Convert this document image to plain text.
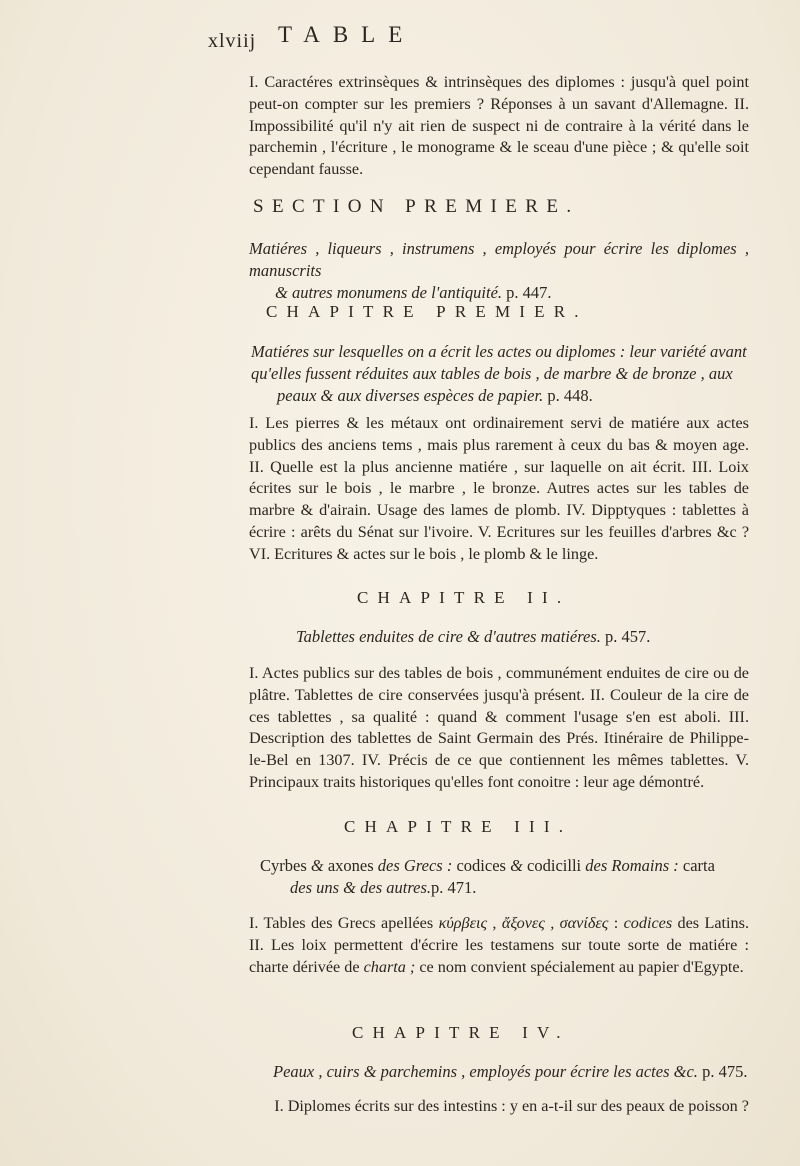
xlviij TABLE

I. Caractéres extrinsèques & intrinsèques des diplomes : jusqu'à quel point peut-on compter sur les premiers ? Réponses à un savant d'Allemagne. II. Impossibilité qu'il n'y ait rien de suspect ni de contraire à la vérité dans le parchemin , l'écriture , le monograme & le sceau d'une pièce ; & qu'elle soit cependant fausse.

SECTION PREMIERE.
Matiéres , liqueurs , instrumens , employés pour écrire les diplomes , manuscrits
& autres monumens de l'antiquité. p. 447.
CHAPITRE PREMIER.
Matiéres sur lesquelles on a écrit les actes ou diplomes : leur variété avant
qu'elles fussent réduites aux tables de bois , de marbre & de bronze , aux
peaux & aux diverses espèces de papier. p. 448.

I. Les pierres & les métaux ont ordinairement servi de matiére aux actes publics des anciens tems , mais plus rarement à ceux du bas & moyen age. II. Quelle est la plus ancienne matiére , sur laquelle on ait écrit. III. Loix écrites sur le bois , le marbre , le bronze. Autres actes sur les tables de marbre & d'airain. Usage des lames de plomb. IV. Dipptyques : tablettes à écrire : arêts du Sénat sur l'ivoire. V. Ecritures sur les feuilles d'arbres &c ? VI. Ecritures & actes sur le bois , le plomb & le linge.

CHAPITRE II.
Tablettes enduites de cire & d'autres matiéres. p. 457.

I. Actes publics sur des tables de bois , communément enduites de cire ou de plâtre. Tablettes de cire conservées jusqu'à présent. II. Couleur de la cire de ces tablettes , sa qualité : quand & comment l'usage s'en est aboli. III. Description des tablettes de Saint Germain des Prés. Itinéraire de Philippe-le-Bel en 1307. IV. Précis de ce que contiennent les mêmes tablettes. V. Principaux traits historiques qu'elles font conoitre : leur age démontré.

CHAPITRE III.
Cyrbes & axones des Grecs : codices & codicilli des Romains : carta
des uns & des autres.p. 471.

I. Tables des Grecs apellées κύρβεις , ἄξονες , σανίδες : codices des Latins. II. Les loix permettent d'écrire les testamens sur toute sorte de matiére : charte dérivée de charta ; ce nom convient spécialement au papier d'Egypte.

CHAPITRE IV.
Peaux , cuirs & parchemins , employés pour écrire les actes &c. p. 475.

I. Diplomes écrits sur des intestins : y en a-t-il sur des peaux de poisson ?
